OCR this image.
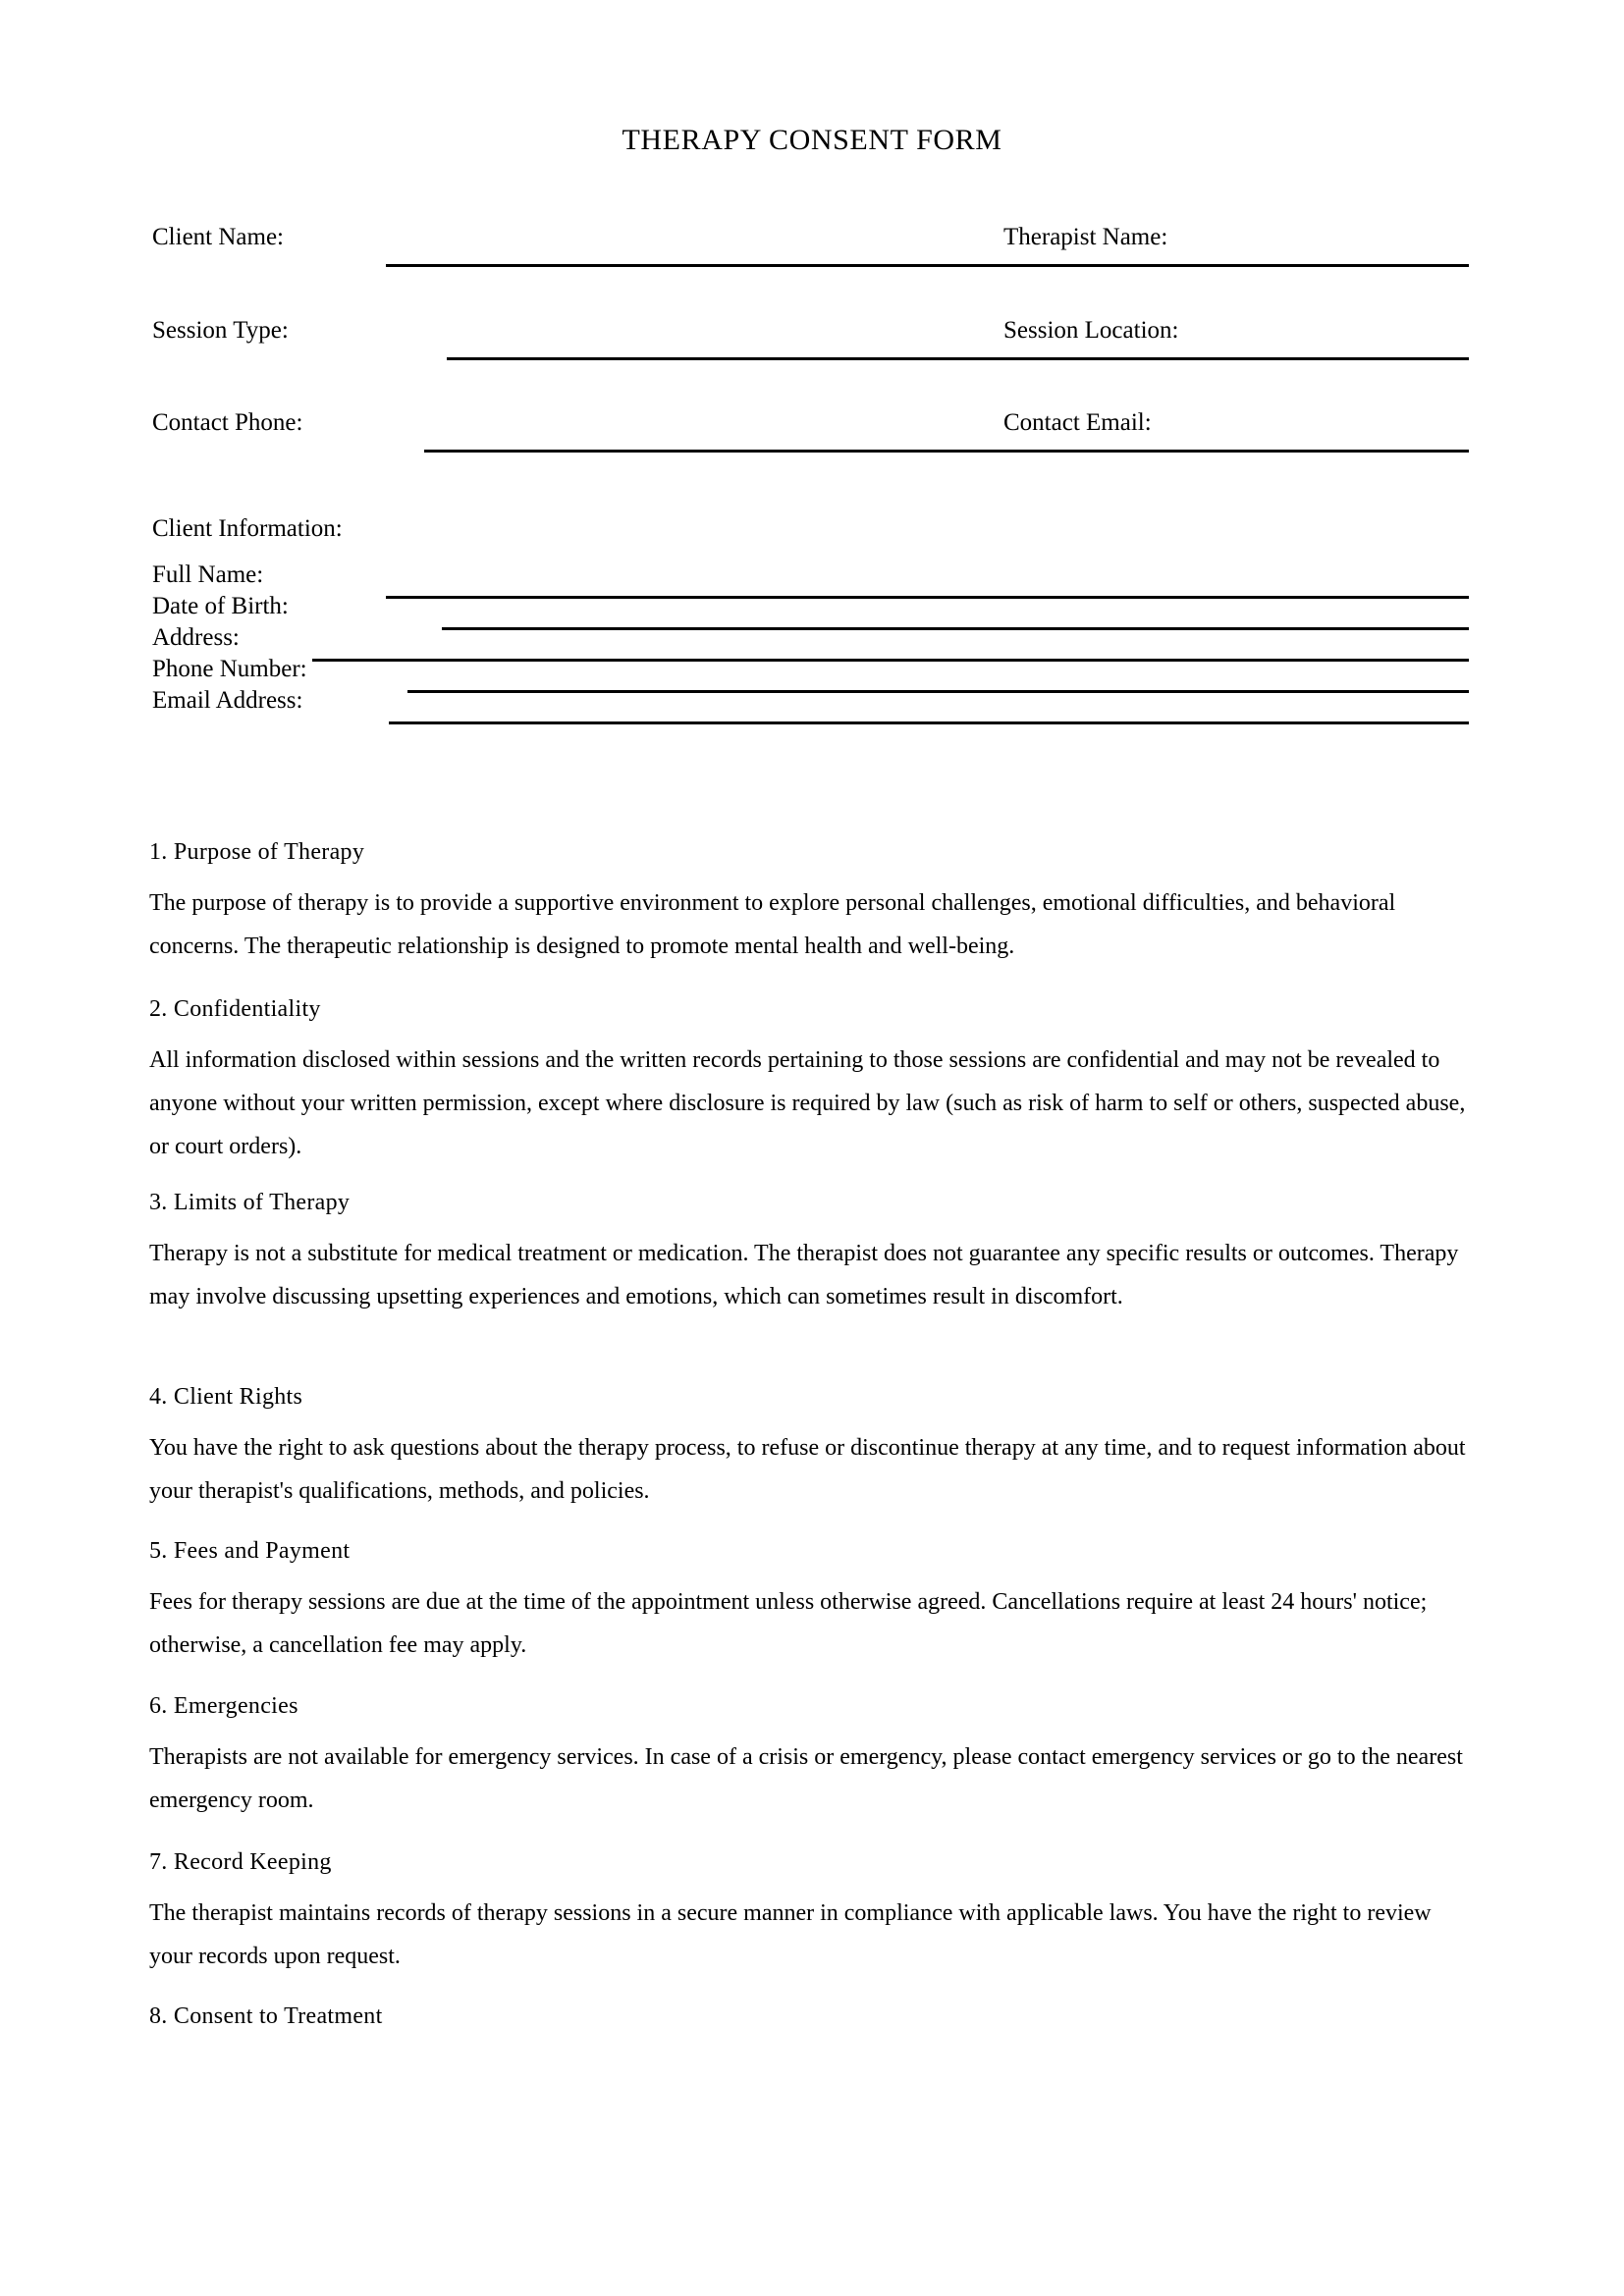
THERAPY CONSENT FORM
Client Name:	Therapist Name:
Session Type:	Session Location:
Contact Phone:	Contact Email:
Client Information:
Full Name:
Date of Birth:
Address:
Phone Number:
Email Address:
1. Purpose of Therapy

The purpose of therapy is to provide a supportive environment to explore personal challenges, emotional difficulties, and behavioral concerns. The therapeutic relationship is designed to promote mental health and well-being.

2. Confidentiality

All information disclosed within sessions and the written records pertaining to those sessions are confidential and may not be revealed to anyone without your written permission, except where disclosure is required by law (such as risk of harm to self or others, suspected abuse, or court orders).

3. Limits of Therapy

Therapy is not a substitute for medical treatment or medication. The therapist does not guarantee any specific results or outcomes. Therapy may involve discussing upsetting experiences and emotions, which can sometimes result in discomfort.

4. Client Rights

You have the right to ask questions about the therapy process, to refuse or discontinue therapy at any time, and to request information about your therapist's qualifications, methods, and policies.

5. Fees and Payment

Fees for therapy sessions are due at the time of the appointment unless otherwise agreed. Cancellations require at least 24 hours' notice; otherwise, a cancellation fee may apply.

6. Emergencies

Therapists are not available for emergency services. In case of a crisis or emergency, please contact emergency services or go to the nearest emergency room.

7. Record Keeping

The therapist maintains records of therapy sessions in a secure manner in compliance with applicable laws. You have the right to review your records upon request.

8. Consent to Treatment
